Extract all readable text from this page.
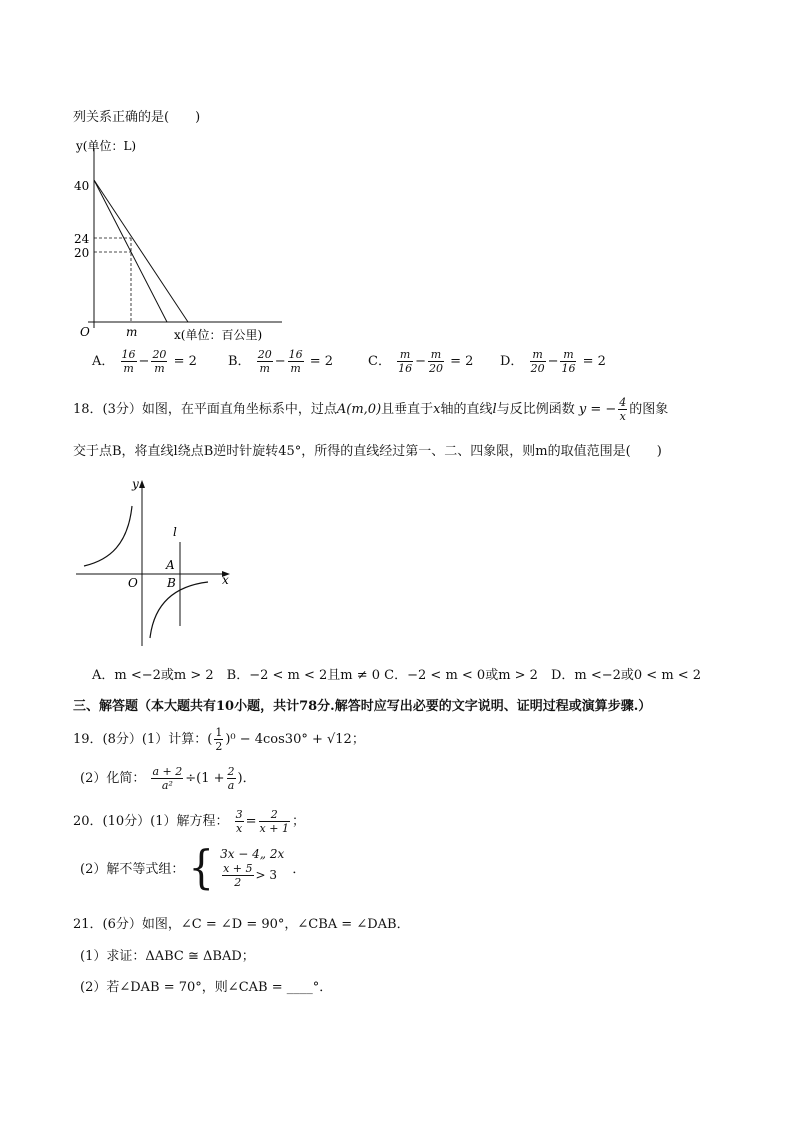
列关系正确的是(　　)
y(单位：L)
40
24
20
O	m	x(单位：百公里)
A． $\frac{16}{m} - \frac{20}{m} = 2$ B． $\frac{20}{m} - \frac{16}{m} = 2$	C． $\frac{m}{16} - \frac{m}{20} = 2$ D． $\frac{m}{20} - \frac{m}{16} = 2$
18．(3分）如图，在平面直角坐标系中，过点A(m,0)且垂直于x轴的直线l与反比例函数 y = − $\frac{4}{x}$ 的图象
交于点B，将直线l绕点B逆时针旋转45°，所得的直线经过第一、二、四象限，则m的取值范围是(　　)
l
y
x
A
B
O
A．m <−2或m > 2　B．−2 < m < 2且m ≠ 0 C．−2 < m < 0或m > 2　D．m <−2或0 < m < 2
三、解答题（本大题共有10小题，共计78分.解答时应写出必要的文字说明、证明过程或演算步骤.）
19．(8分）(1）计算：( $\frac{1}{2} )^0 - 4\cos 30^\circ + √12$；
(2）化简： $\frac{a + 2}{\text{a²}} \div(1 + \frac{2}{a}$ )．
20．(10分）(1）解方程： $\frac{3}{x} = \frac{2}{x + 1}$ ；
(2）解不等式组： { 3x − 4„ 2x
$\frac{x + 5}{2} > 3$	．
21．(6分）如图，∠C = ∠D = 90°，∠CBA = ∠DAB．
(1）求证：ΔABC ≅ ΔBAD；
(2）若∠DAB = 70°，则∠CAB = ____°．
